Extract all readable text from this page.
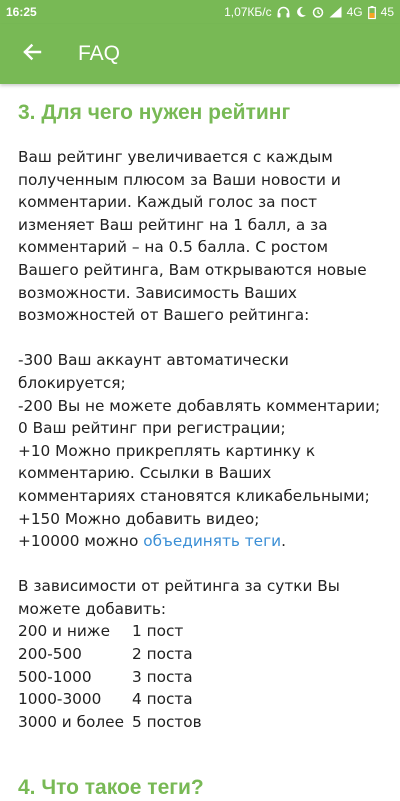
16:25	1,07КБ/с	4G 45
FAQ
3. Для чего нужен рейтинг

Ваш рейтинг увеличивается с каждым полученным плюсом за Ваши новости и комментарии. Каждый голос за пост изменяет Ваш рейтинг на 1 балл, а за комментарий – на 0.5 балла. С ростом Вашего рейтинга, Вам открываются новые возможности. Зависимость Ваших возможностей от Вашего рейтинга:

-300 Ваш аккаунт автоматически блокируется;

-200 Вы не можете добавлять комментарии;

0 Ваш рейтинг при регистрации;

+10 Можно прикреплять картинку к комментарию. Ссылки в Ваших комментариях становятся кликабельными;

+150 Можно добавить видео;

+10000 можно объединять теги.

В зависимости от рейтинга за сутки Вы можете добавить:

200 и ниже	1 пост
200-500	2 поста
500-1000	3 поста
1000-3000	4 поста
3000 и более 5 постов
4. Что такое теги?
